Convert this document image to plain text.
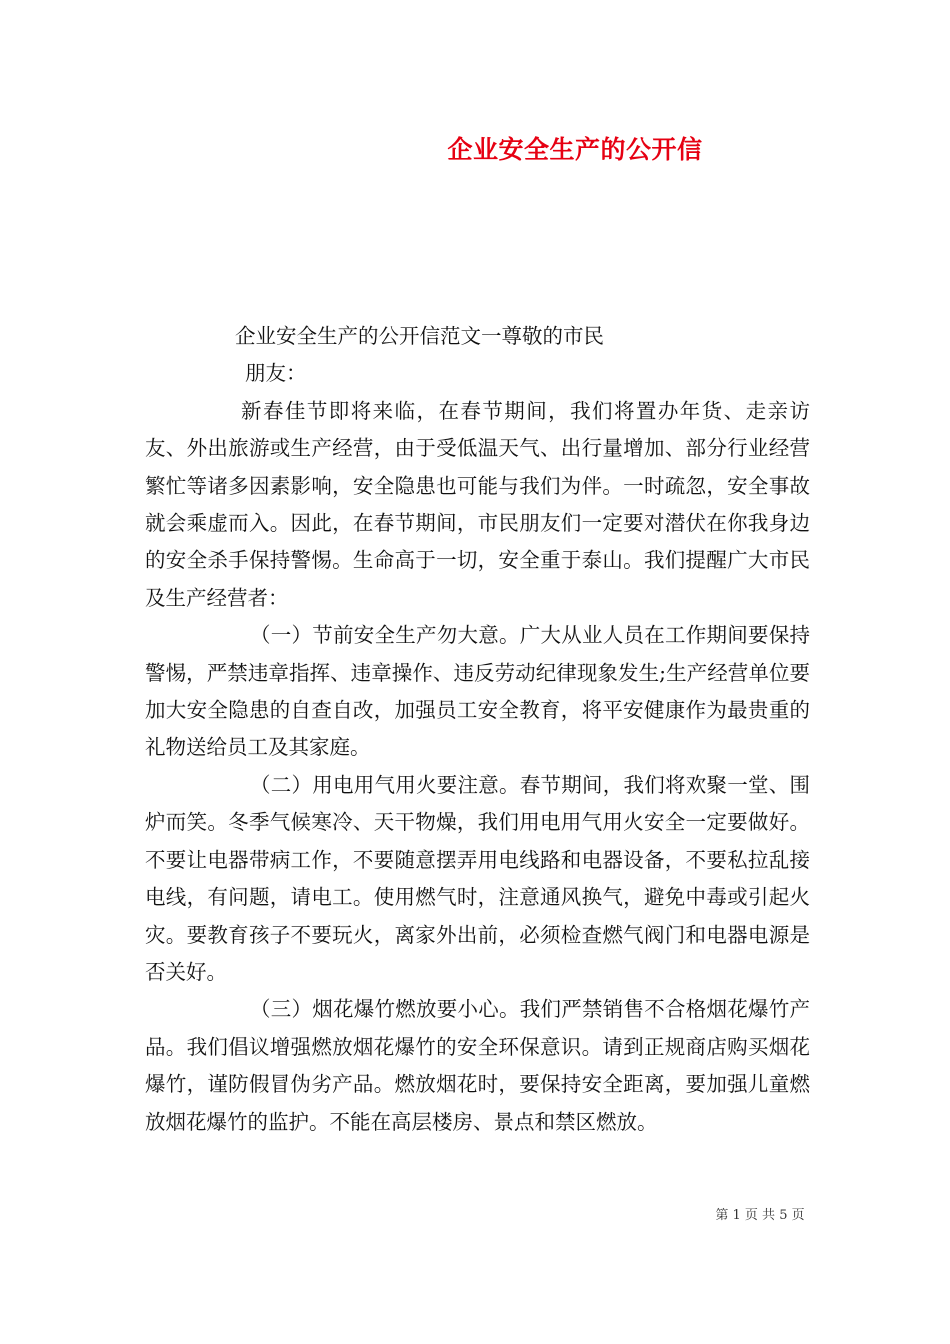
企业安全生产的公开信

企业安全生产的公开信范文一尊敬的市民

朋友：

新春佳节即将来临，在春节期间，我们将置办年货、走亲访友、外出旅游或生产经营，由于受低温天气、出行量增加、部分行业经营繁忙等诸多因素影响，安全隐患也可能与我们为伴。一时疏忽，安全事故就会乘虚而入。因此，在春节期间，市民朋友们一定要对潜伏在你我身边的安全杀手保持警惕。生命高于一切，安全重于泰山。我们提醒广大市民及生产经营者：

（一）节前安全生产勿大意。广大从业人员在工作期间要保持警惕，严禁违章指挥、违章操作、违反劳动纪律现象发生;生产经营单位要加大安全隐患的自查自改，加强员工安全教育，将平安健康作为最贵重的礼物送给员工及其家庭。

（二）用电用气用火要注意。春节期间，我们将欢聚一堂、围炉而笑。冬季气候寒冷、天干物燥，我们用电用气用火安全一定要做好。不要让电器带病工作，不要随意摆弄用电线路和电器设备，不要私拉乱接电线，有问题，请电工。使用燃气时，注意通风换气，避免中毒或引起火灾。要教育孩子不要玩火，离家外出前，必须检查燃气阀门和电器电源是否关好。

（三）烟花爆竹燃放要小心。我们严禁销售不合格烟花爆竹产品。我们倡议增强燃放烟花爆竹的安全环保意识。请到正规商店购买烟花爆竹，谨防假冒伪劣产品。燃放烟花时，要保持安全距离，要加强儿童燃放烟花爆竹的监护。不能在高层楼房、景点和禁区燃放。

第 1 页 共 5 页
